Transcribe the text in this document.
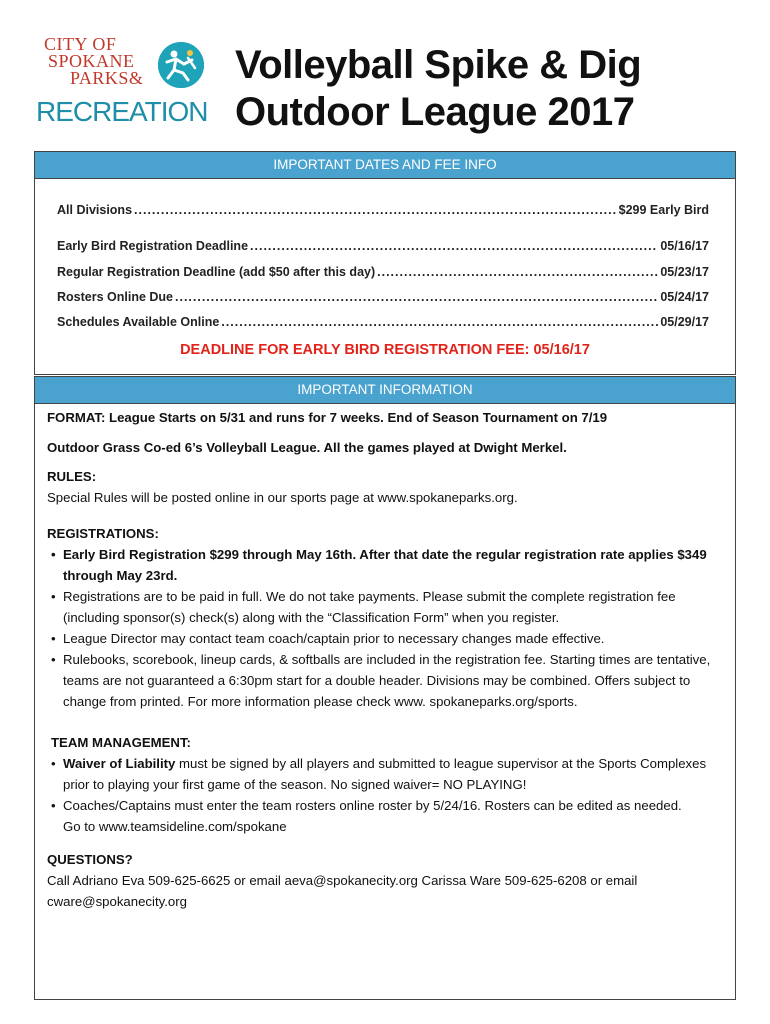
CITY OF
SPOKANE
PARKS&
RECREATION
Volleyball Spike & Dig
Outdoor League 2017
IMPORTANT DATES AND FEE INFO
All Divisions .....	$299 Early Bird
Early Bird Registration Deadline .....	05/16/17
Regular Registration Deadline (add $50 after this day) .....	05/23/17
Rosters Online Due .....	05/24/17
Schedules Available Online .....	05/29/17
DEADLINE FOR EARLY BIRD REGISTRATION FEE: 05/16/17
IMPORTANT INFORMATION

FORMAT: League Starts on 5/31 and runs for 7 weeks. End of Season Tournament on 7/19

Outdoor Grass Co-ed 6’s Volleyball League. All the games played at Dwight Merkel.

RULES:

Special Rules will be posted online in our sports page at www.spokaneparks.org.

REGISTRATIONS:

• Early Bird Registration $299 through May 16th. After that date the regular registration rate applies $349 through May 23rd.
• Registrations are to be paid in full. We do not take payments. Please submit the complete registration fee (including sponsor(s) check(s) along with the “Classification Form” when you register.
• League Director may contact team coach/captain prior to necessary changes made effective.
• Rulebooks, scorebook, lineup cards, & softballs are included in the registration fee. Starting times are tentative, teams are not guaranteed a 6:30pm start for a double header. Divisions may be combined. Offers subject to change from printed. For more information please check www. spokaneparks.org/sports.

TEAM MANAGEMENT:

• Waiver of Liability must be signed by all players and submitted to league supervisor at the Sports Complexes prior to playing your first game of the season. No signed waiver= NO PLAYING!
• Coaches/Captains must enter the team rosters online roster by 5/24/16. Rosters can be edited as needed.
Go to www.teamsideline.com/spokane

QUESTIONS?

Call Adriano Eva 509-625-6625 or email aeva@spokanecity.org Carissa Ware 509-625-6208 or email cware@spokanecity.org
